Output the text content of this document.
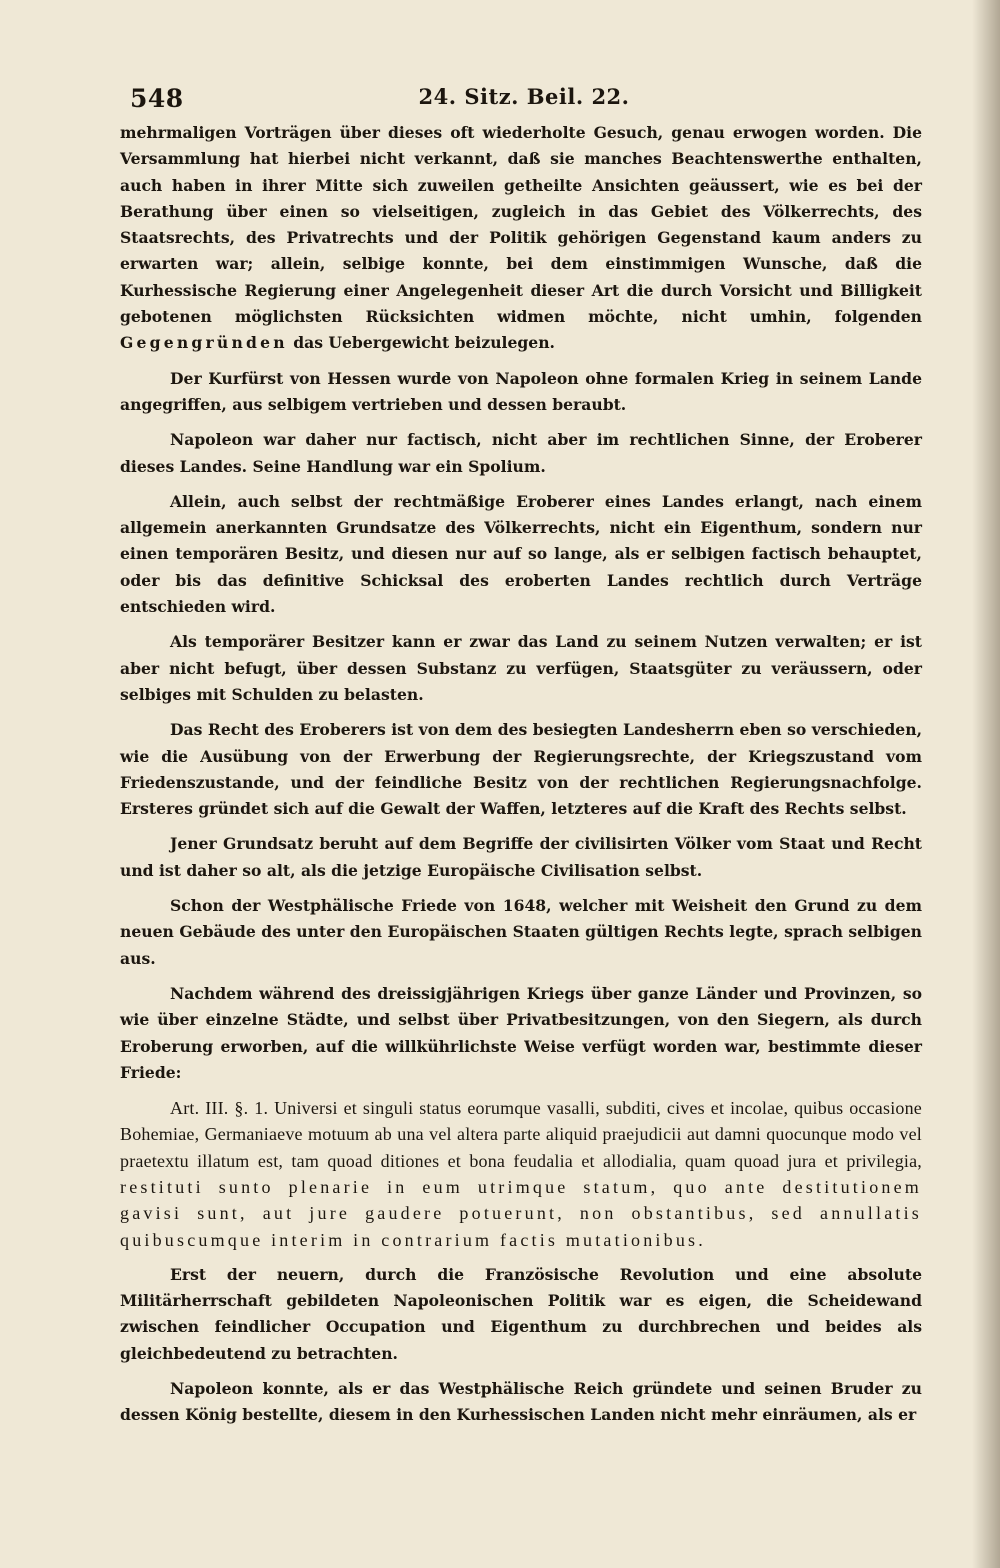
548	24. Sitz. Beil. 22.

mehrmaligen Vorträgen über dieses oft wiederholte Gesuch, genau erwogen worden. Die Versammlung hat hierbei nicht verkannt, daß sie manches Beachtenswerthe enthalten, auch haben in ihrer Mitte sich zuweilen getheilte Ansichten geäussert, wie es bei der Berathung über einen so vielseitigen, zugleich in das Gebiet des Völkerrechts, des Staatsrechts, des Privatrechts und der Politik gehörigen Gegenstand kaum anders zu erwarten war; allein, selbige konnte, bei dem einstimmigen Wunsche, daß die Kurhessische Regierung einer Angelegenheit dieser Art die durch Vorsicht und Billigkeit gebotenen möglichsten Rücksichten widmen möchte, nicht umhin, folgenden Gegengründen das Uebergewicht beizulegen.

Der Kurfürst von Hessen wurde von Napoleon ohne formalen Krieg in seinem Lande angegriffen, aus selbigem vertrieben und dessen beraubt.

Napoleon war daher nur factisch, nicht aber im rechtlichen Sinne, der Eroberer dieses Landes. Seine Handlung war ein Spolium.

Allein, auch selbst der rechtmäßige Eroberer eines Landes erlangt, nach einem allgemein anerkannten Grundsatze des Völkerrechts, nicht ein Eigenthum, sondern nur einen temporären Besitz, und diesen nur auf so lange, als er selbigen factisch behauptet, oder bis das definitive Schicksal des eroberten Landes rechtlich durch Verträge entschieden wird.

Als temporärer Besitzer kann er zwar das Land zu seinem Nutzen verwalten; er ist aber nicht befugt, über dessen Substanz zu verfügen, Staatsgüter zu veräussern, oder selbiges mit Schulden zu belasten.

Das Recht des Eroberers ist von dem des besiegten Landesherrn eben so verschieden, wie die Ausübung von der Erwerbung der Regierungsrechte, der Kriegszustand vom Friedenszustande, und der feindliche Besitz von der rechtlichen Regierungsnachfolge. Ersteres gründet sich auf die Gewalt der Waffen, letzteres auf die Kraft des Rechts selbst.

Jener Grundsatz beruht auf dem Begriffe der civilisirten Völker vom Staat und Recht und ist daher so alt, als die jetzige Europäische Civilisation selbst.

Schon der Westphälische Friede von 1648, welcher mit Weisheit den Grund zu dem neuen Gebäude des unter den Europäischen Staaten gültigen Rechts legte, sprach selbigen aus.

Nachdem während des dreissigjährigen Kriegs über ganze Länder und Provinzen, so wie über einzelne Städte, und selbst über Privatbesitzungen, von den Siegern, als durch Eroberung erworben, auf die willkührlichste Weise verfügt worden war, bestimmte dieser Friede:

Art. III. §. 1. Universi et singuli status eorumque vasalli, subditi, cives et incolae, quibus occasione Bohemiae, Germaniaeve motuum ab una vel altera parte aliquid praejudicii aut damni quocunque modo vel praetextu illatum est, tam quoad ditiones et bona feudalia et allodialia, quam quoad jura et privilegia, restituti sunto plenarie in eum utrimque statum, quo ante destitutionem gavisi sunt, aut jure gaudere potuerunt, non obstantibus, sed annullatis quibuscumque interim in contrarium factis mutationibus.

Erst der neuern, durch die Französische Revolution und eine absolute Militärherrschaft gebildeten Napoleonischen Politik war es eigen, die Scheidewand zwischen feindlicher Occupation und Eigenthum zu durchbrechen und beides als gleichbedeutend zu betrachten.

Napoleon konnte, als er das Westphälische Reich gründete und seinen Bruder zu dessen König bestellte, diesem in den Kurhessischen Landen nicht mehr einräumen, als er
